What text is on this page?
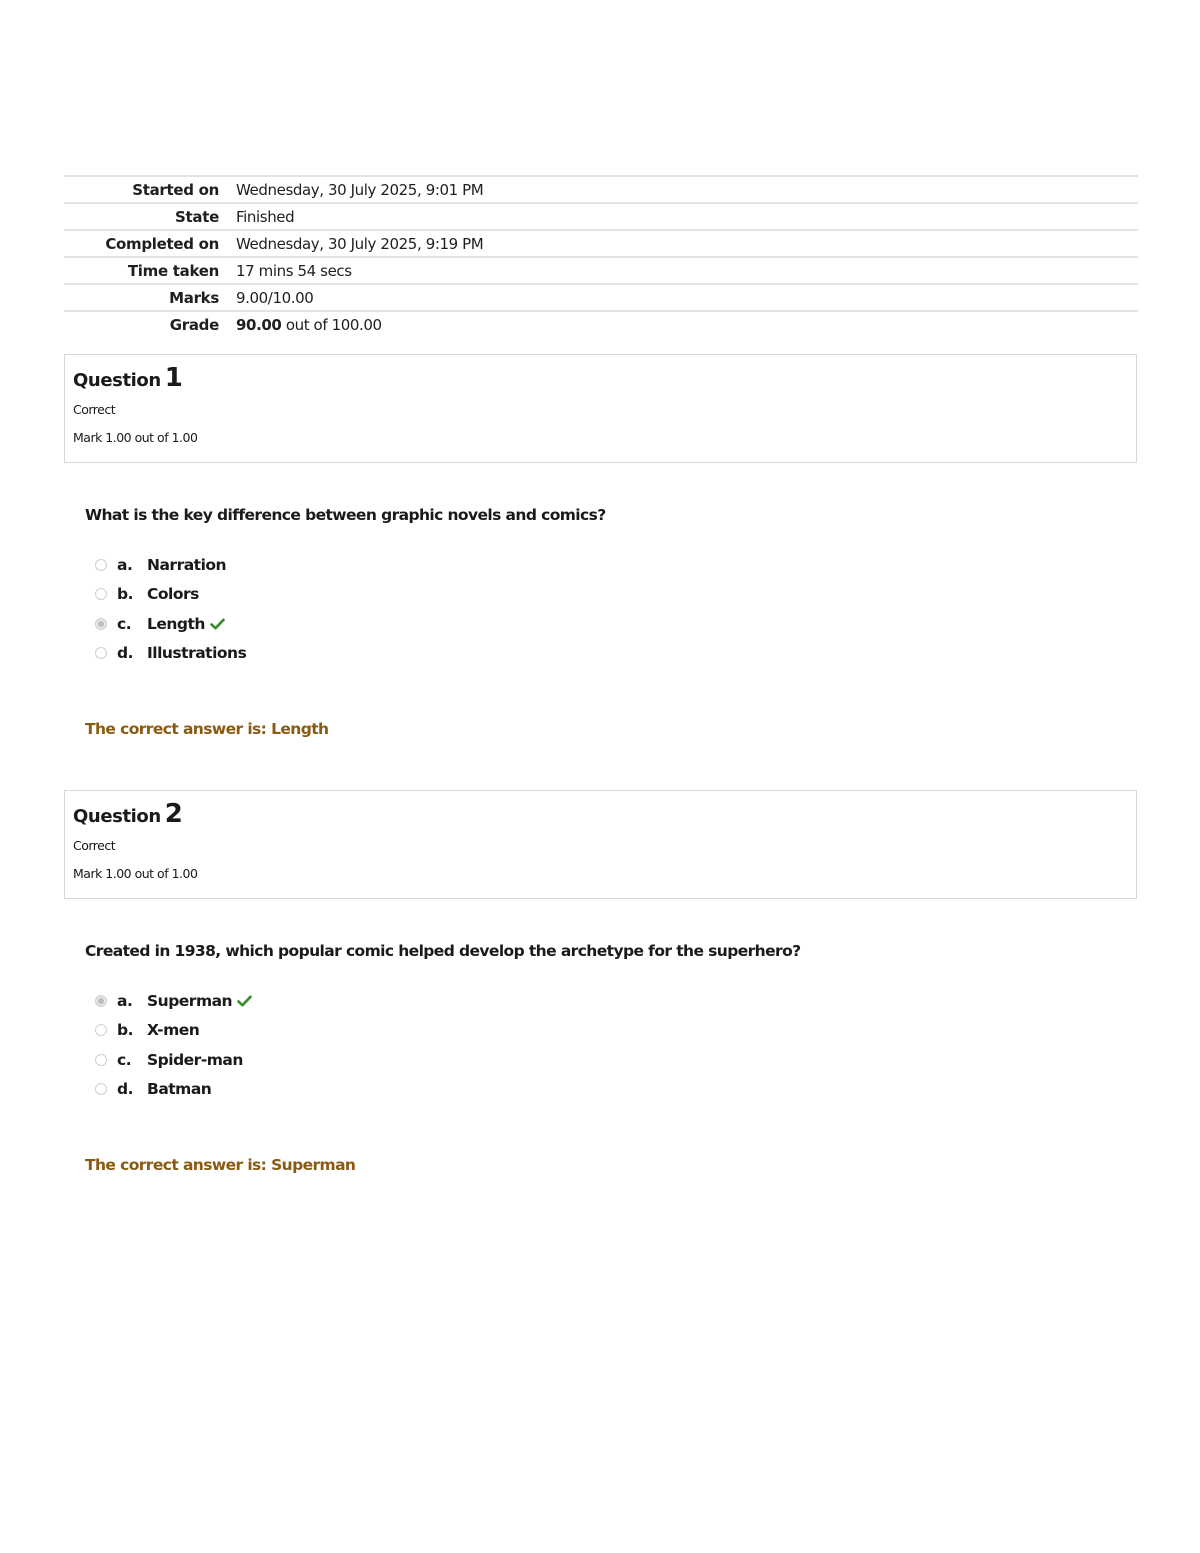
Started on	Wednesday, 30 July 2025, 9:01 PM
State	Finished
Completed on	Wednesday, 30 July 2025, 9:19 PM
Time taken	17 mins 54 secs
Marks	9.00/10.00
Grade	90.00 out of 100.00
Question 1
Correct
Mark 1.00 out of 1.00

What is the key difference between graphic novels and comics?

a. Narration
b. Colors
c.	Length
d. Illustrations
The correct answer is: Length
Question 2
Correct
Mark 1.00 out of 1.00

Created in 1938, which popular comic helped develop the archetype for the superhero?

a. Superman
b. X-men
c.	Spider-man
d. Batman
The correct answer is: Superman
